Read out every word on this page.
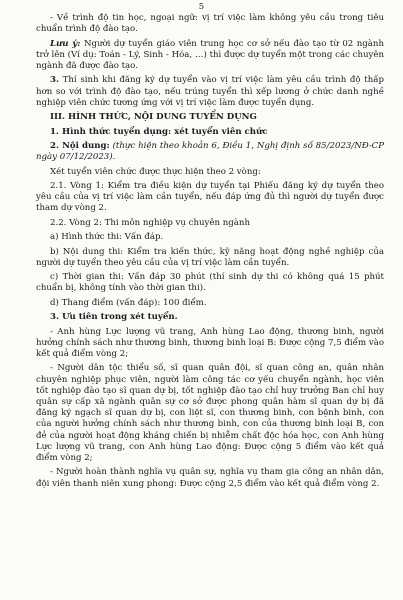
5

- Về trình độ tin học, ngoại ngữ: vị trí việc làm không yêu cầu trong tiêu chuẩn trình độ đào tạo.

Lưu ý: Người dự tuyển giáo viên trung học cơ sở nếu đào tạo từ 02 ngành trở lên (Ví dụ: Toán - Lý, Sinh - Hóa, …) thì được dự tuyển một trong các chuyên ngành đã được đào tạo.

3. Thí sinh khi đăng ký dự tuyển vào vị trí việc làm yêu cầu trình độ thấp hơn so với trình độ đào tạo, nếu trúng tuyển thì xếp lương ở chức danh nghề nghiệp viên chức tương ứng với vị trí việc làm được tuyển dụng.

III. HÌNH THỨC, NỘI DUNG TUYỂN DỤNG

1. Hình thức tuyển dụng: xét tuyển viên chức

2. Nội dung: (thực hiện theo khoản 6, Điều 1, Nghị định số 85/2023/NĐ-CP ngày 07/12/2023).

Xét tuyển viên chức được thực hiện theo 2 vòng:

2.1. Vòng 1: Kiểm tra điều kiện dự tuyển tại Phiếu đăng ký dự tuyển theo yêu cầu của vị trí việc làm cần tuyển, nếu đáp ứng đủ thì người dự tuyển được tham dự vòng 2.

2.2. Vòng 2: Thi môn nghiệp vụ chuyên ngành

a) Hình thức thi: Vấn đáp.

b) Nội dung thi: Kiểm tra kiến thức, kỹ năng hoạt động nghề nghiệp của người dự tuyển theo yêu cầu của vị trí việc làm cần tuyển.

c) Thời gian thi: Vấn đáp 30 phút (thí sinh dự thi có không quá 15 phút chuẩn bị, không tính vào thời gian thi).

d) Thang điểm (vấn đáp): 100 điểm.

3. Ưu tiên trong xét tuyển.

- Anh hùng Lực lượng vũ trang, Anh hùng Lao động, thương binh, người hưởng chính sách như thương binh, thương binh loại B: Được cộng 7,5 điểm vào kết quả điểm vòng 2;

- Người dân tộc thiểu số, sĩ quan quân đội, sĩ quan công an, quân nhân chuyên nghiệp phục viên, người làm công tác cơ yếu chuyển ngành, học viên tốt nghiệp đào tạo sĩ quan dự bị, tốt nghiệp đào tạo chỉ huy trưởng Ban chỉ huy quân sự cấp xã ngành quân sự cơ sở được phong quân hàm sĩ quan dự bị đã đăng ký ngạch sĩ quan dự bị, con liệt sĩ, con thương binh, con bệnh binh, con của người hưởng chính sách như thương binh, con của thương binh loại B, con đẻ của người hoạt động kháng chiến bị nhiễm chất độc hóa học, con Anh hùng Lực lượng vũ trang, con Anh hùng Lao động: Được cộng 5 điểm vào kết quả điểm vòng 2;

- Người hoàn thành nghĩa vụ quân sự, nghĩa vụ tham gia công an nhân dân, đội viên thanh niên xung phong: Được cộng 2,5 điểm vào kết quả điểm vòng 2.
